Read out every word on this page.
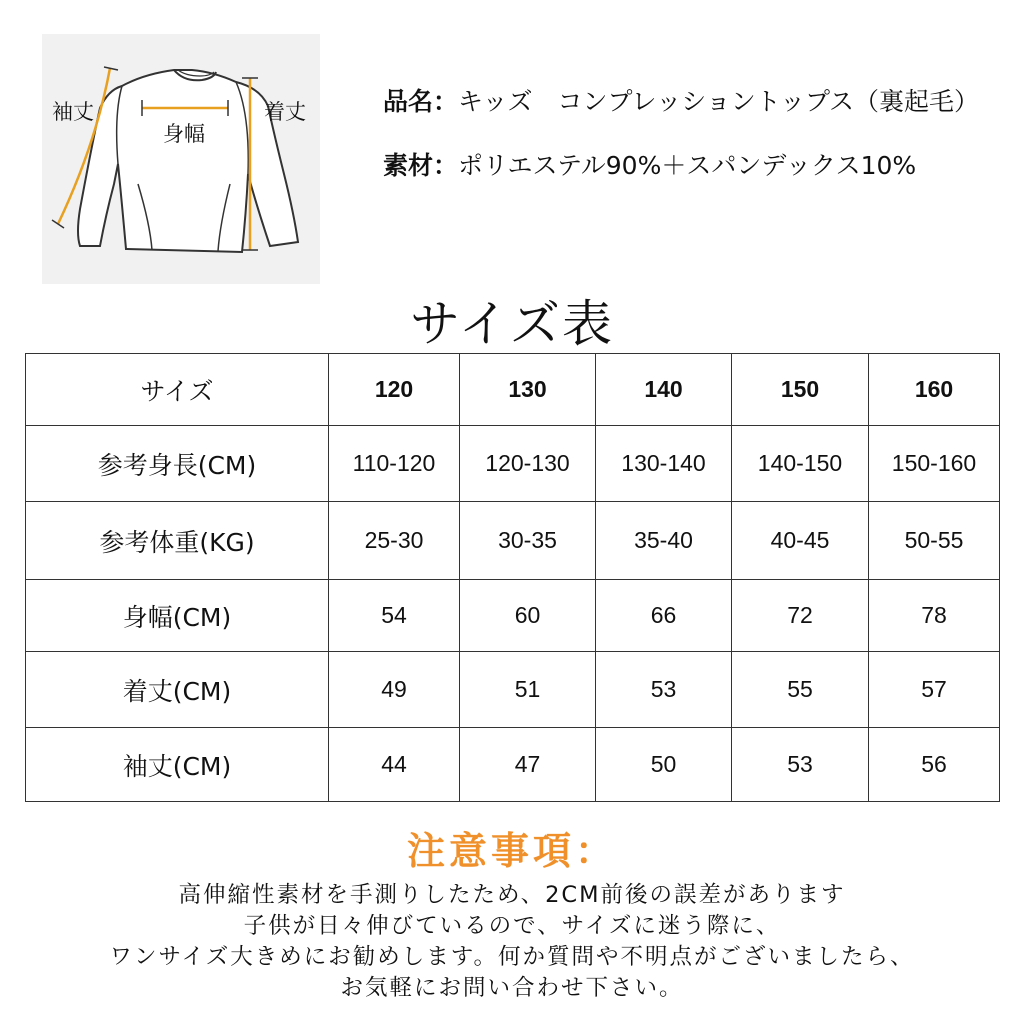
袖丈
身幅
着丈	品名：キッズ　コンプレッショントップス（裏起毛）
素材：ポリエステル90%＋スパンデックス10%
サイズ表
サイズ	120	130	140	150	160
参考身長(CM)	110-120	120-130	130-140	140-150	150-160
参考体重(KG)	25-30	30-35	35-40	40-45	50-55
身幅(CM)	54	60	66	72	78
着丈(CM)	49	51	53	55	57
袖丈(CM)	44	47	50	53	56
注意事項：
高伸縮性素材を手測りしたため、2CM前後の誤差があります
子供が日々伸びているので、サイズに迷う際に、
ワンサイズ大きめにお勧めします。何か質問や不明点がございましたら、
お気軽にお問い合わせ下さい。
